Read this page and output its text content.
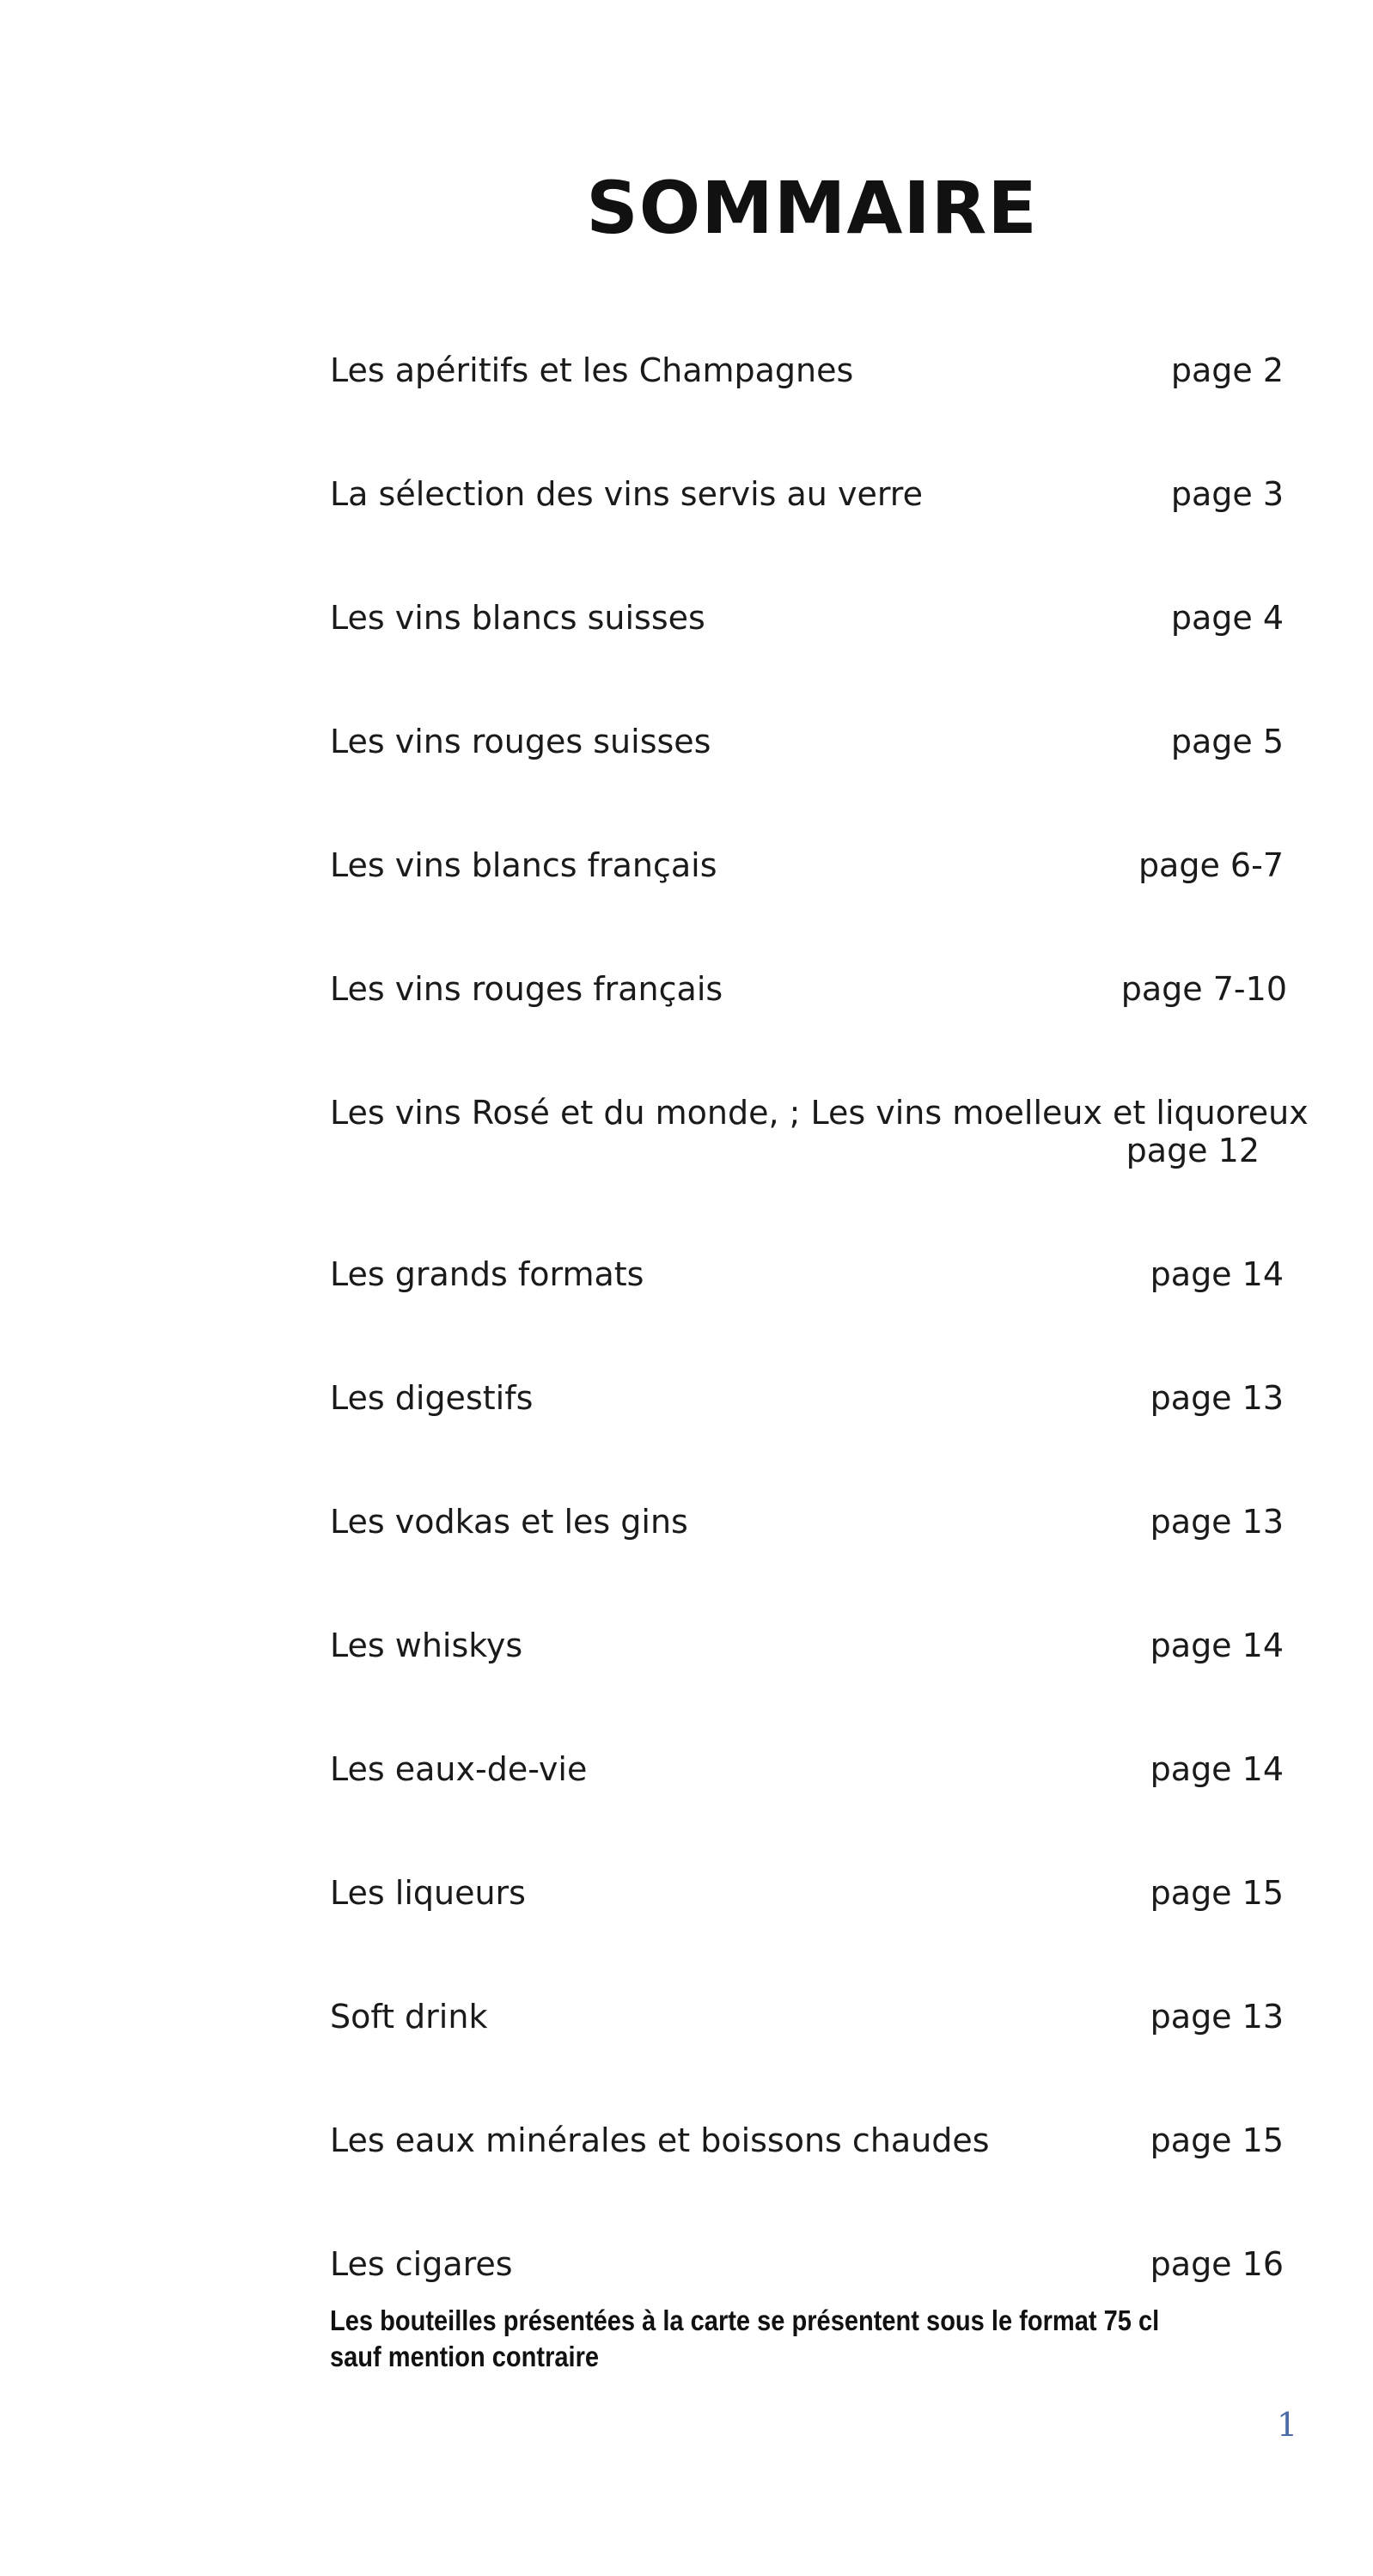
SOMMAIRE
Les apéritifs et les Champagnes	page 2
La sélection des vins servis au verre	page 3
Les vins blancs suisses	page 4
Les vins rouges suisses	page 5
Les vins blancs français	page 6-7
Les vins rouges français	page 7-10
Les vins Rosé et du monde, ; Les vins moelleux et liquoreux
page 12
Les grands formats	page 14
Les digestifs	page 13
Les vodkas et les gins	page 13
Les whiskys	page 14
Les eaux-de-vie	page 14
Les liqueurs	page 15
Soft drink	page 13
Les eaux minérales et boissons chaudes	page 15
Les cigares	page 16

Les bouteilles présentées à la carte se présentent sous le format 75 cl sauf mention contraire

1
